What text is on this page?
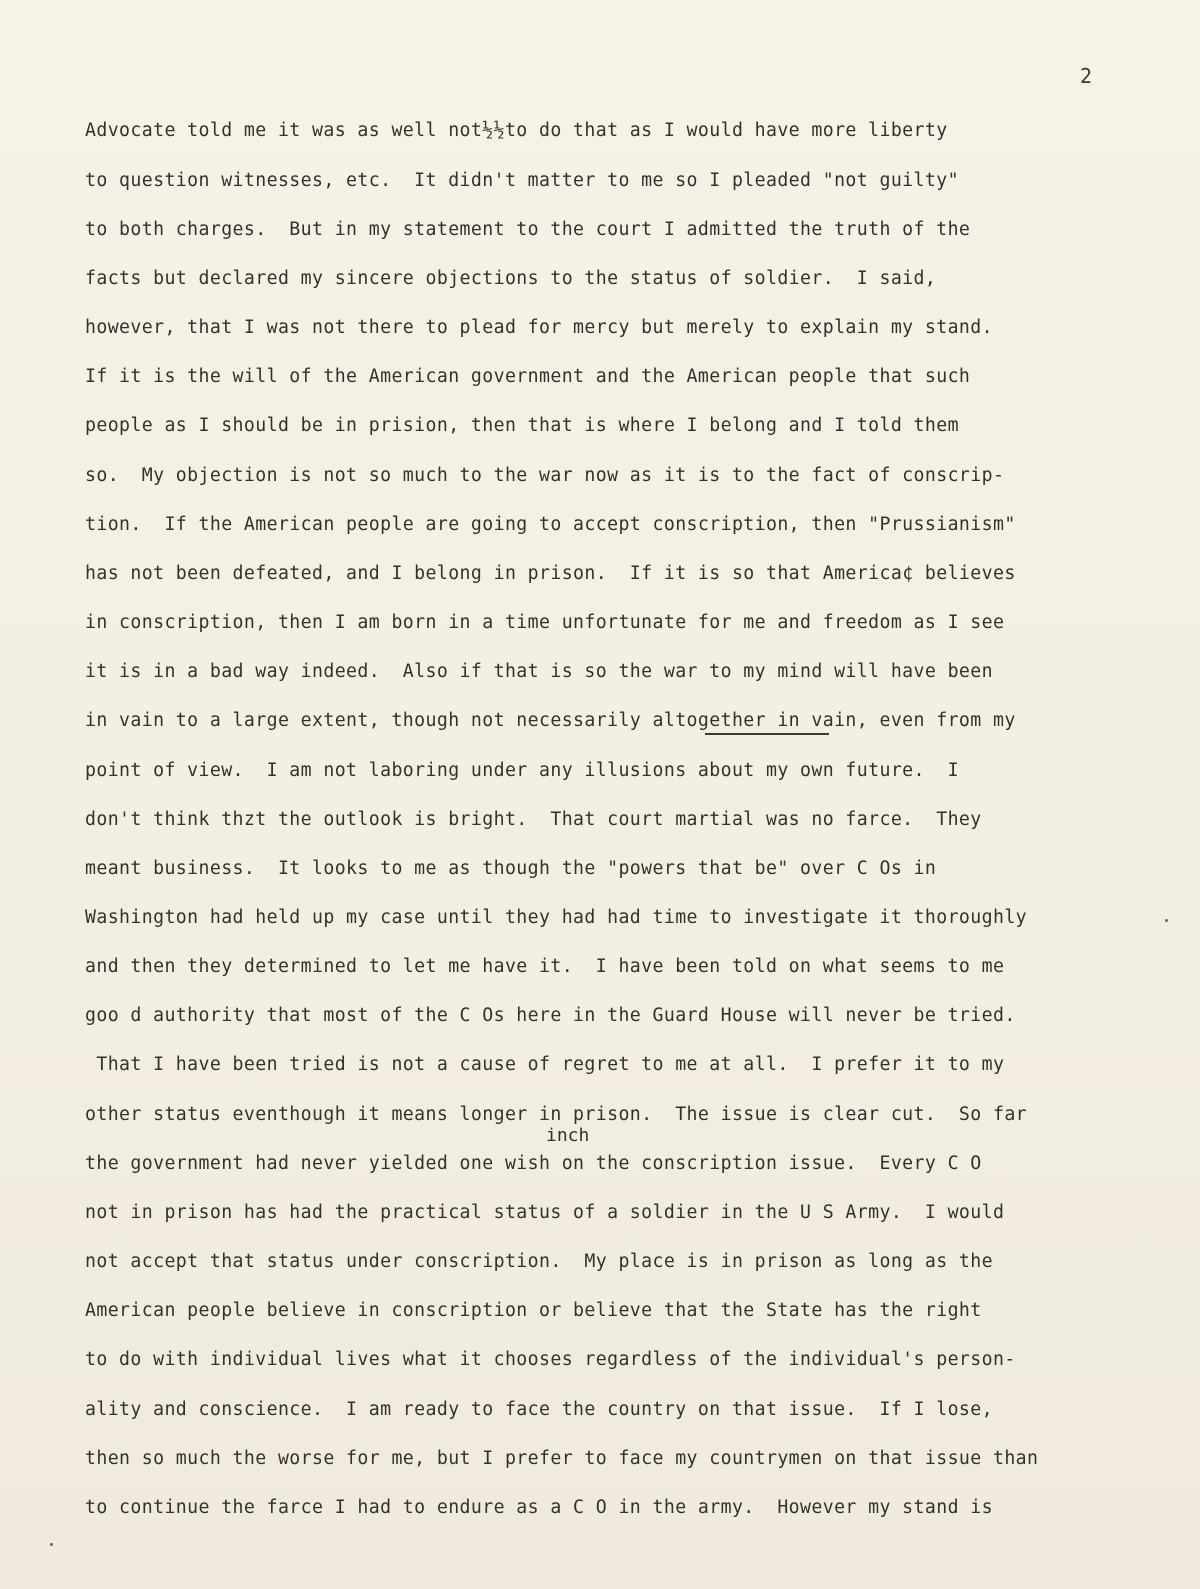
2
Advocate told me it was as well not½½to do that as I would have more liberty
to question witnesses, etc.  It didn't matter to me so I pleaded "not guilty"
to both charges.  But in my statement to the court I admitted the truth of the
facts but declared my sincere objections to the status of soldier.  I said,
however, that I was not there to plead for mercy but merely to explain my stand.
If it is the will of the American government and the American people that such
people as I should be in prision, then that is where I belong and I told them
so.  My objection is not so much to the war now as it is to the fact of conscrip-
tion.  If the American people are going to accept conscription, then "Prussianism"
has not been defeated, and I belong in prison.  If it is so that America¢ believes
in conscription, then I am born in a time unfortunate for me and freedom as I see
it is in a bad way indeed.  Also if that is so the war to my mind will have been
in vain to a large extent, though not necessarily altogether in vain, even from my
point of view.  I am not laboring under any illusions about my own future.  I
don't think thzt the outlook is bright.  That court martial was no farce.  They
meant business.  It looks to me as though the "powers that be" over C Os in
Washington had held up my case until they had had time to investigate it thoroughly
and then they determined to let me have it.  I have been told on what seems to me
goo d authority that most of the C Os here in the Guard House will never be tried.
That I have been tried is not a cause of regret to me at all.  I prefer it to my
other status eventhough it means longer in prison.  The issue is clear cut.  So far
the government had never yielded one wish on the conscription issue.  Every C O
not in prison has had the practical status of a soldier in the U S Army.  I would
not accept that status under conscription.  My place is in prison as long as the
American people believe in conscription or believe that the State has the right
to do with individual lives what it chooses regardless of the individual's person-
ality and conscience.  I am ready to face the country on that issue.  If I lose,
then so much the worse for me, but I prefer to face my countrymen on that issue than
to continue the farce I had to endure as a C O in the army.  However my stand is
inch
